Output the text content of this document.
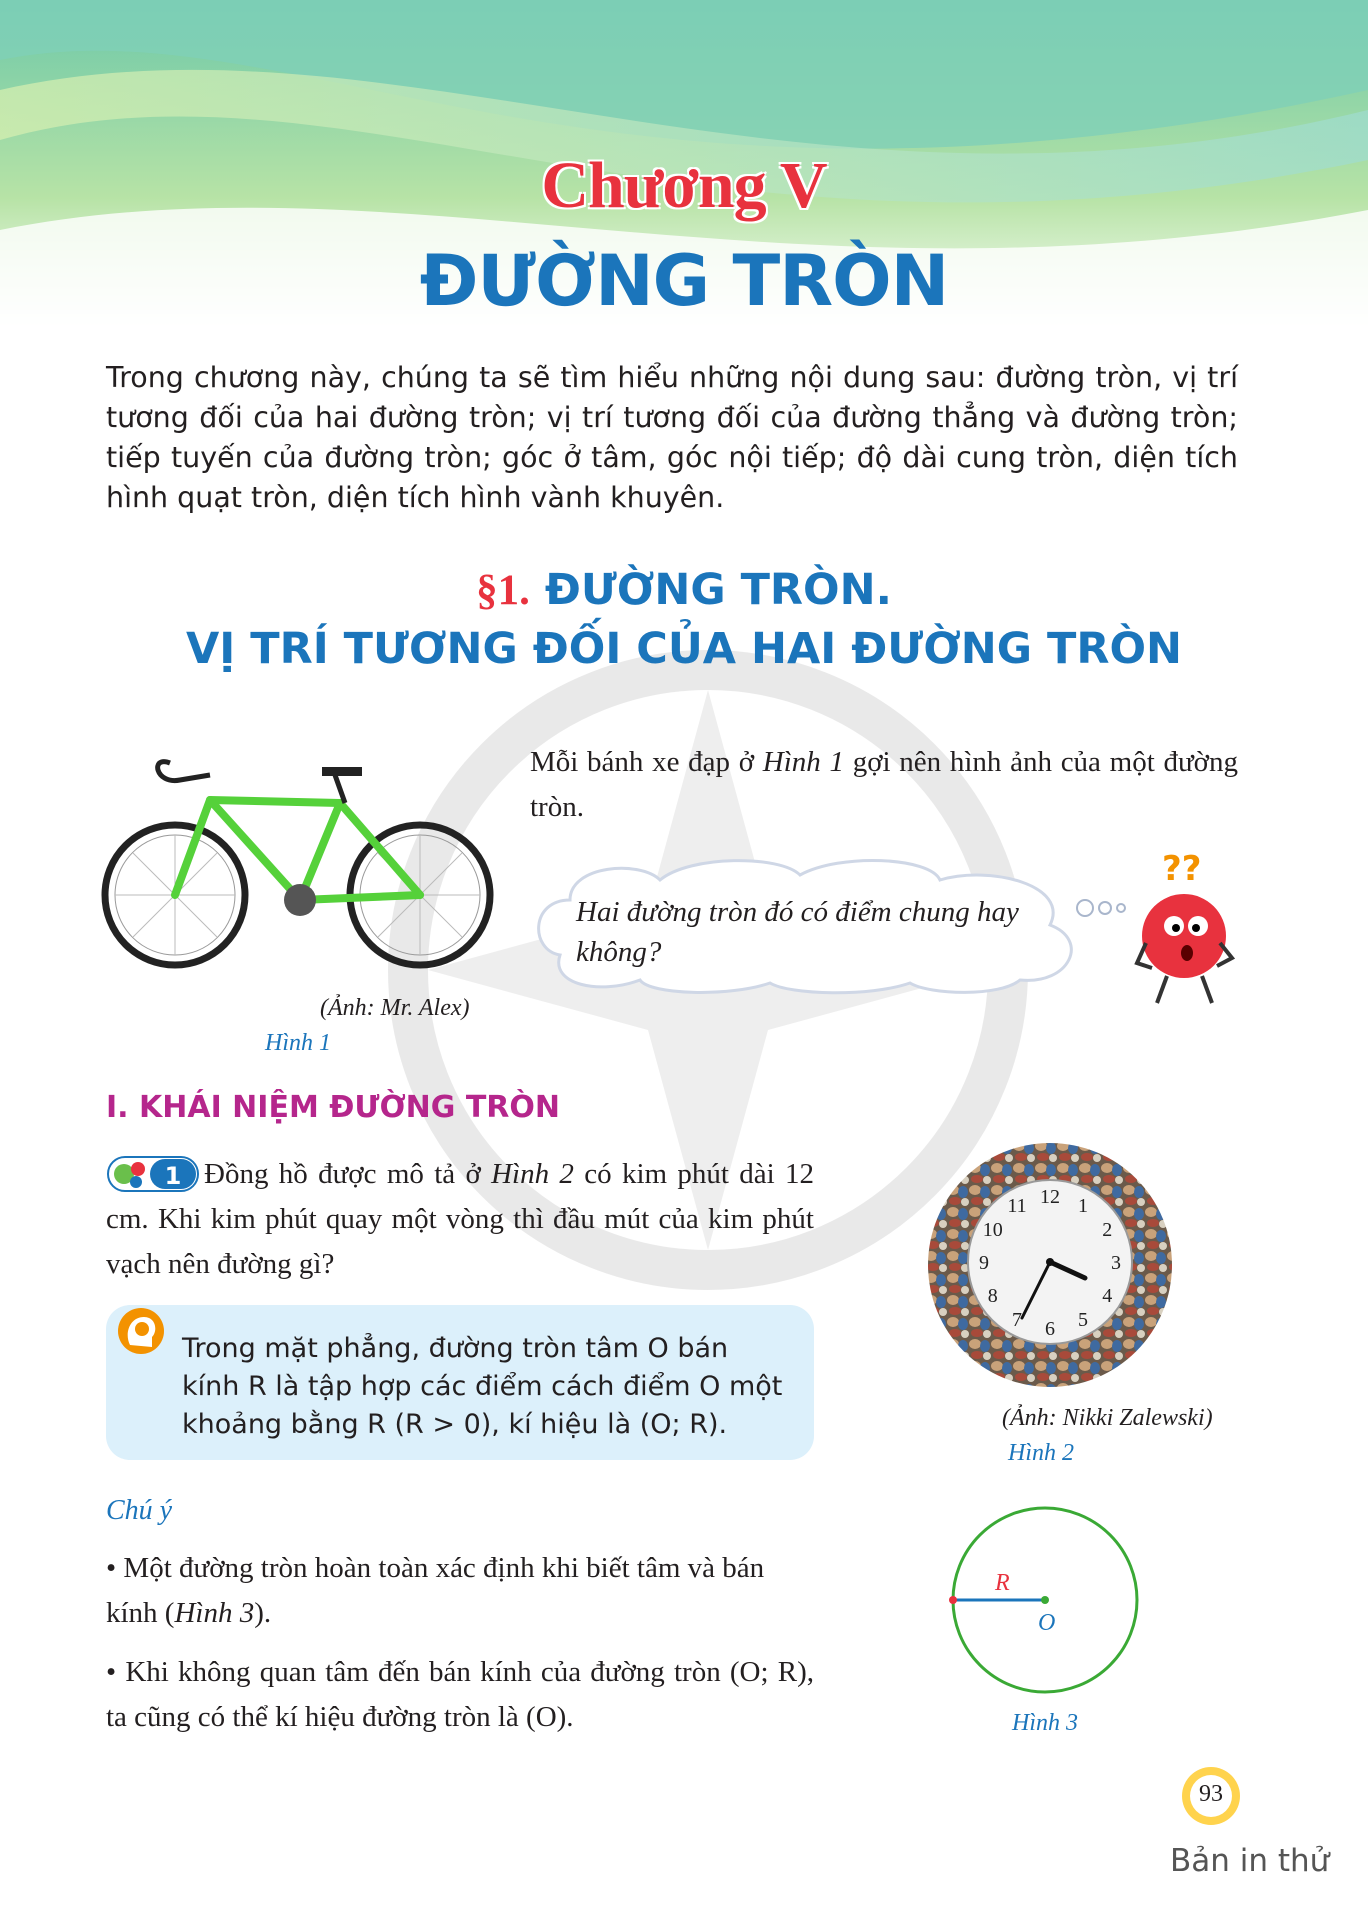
Chương V
ĐƯỜNG TRÒN
Trong chương này, chúng ta sẽ tìm hiểu những nội dung sau: đường tròn, vị trí tương đối của hai đường tròn; vị trí tương đối của đường thẳng và đường tròn; tiếp tuyến của đường tròn; góc ở tâm, góc nội tiếp; độ dài cung tròn, diện tích hình quạt tròn, diện tích hình vành khuyên.
§1. ĐƯỜNG TRÒN.
VỊ TRÍ TƯƠNG ĐỐI CỦA HAI ĐƯỜNG TRÒN
(Ảnh: Mr. Alex)
Hình 1
Mỗi bánh xe đạp ở Hình 1 gợi nên hình ảnh của một đường tròn.
Hai đường tròn đó có điểm chung hay không?
??
I. KHÁI NIỆM ĐƯỜNG TRÒN
Đồng hồ được mô tả ở Hình 2 có kim phút dài 12 cm. Khi kim phút quay một vòng thì đầu mút của kim phút vạch nên đường gì?
1
Trong mặt phẳng, đường tròn tâm O bán kính R là tập hợp các điểm cách điểm O một khoảng bằng R (R > 0), kí hiệu là (O; R).
12 1
2
3
4
5
6
7
8
9
10
11
(Ảnh: Nikki Zalewski)
Hình 2
Chú ý
• Một đường tròn hoàn toàn xác định khi biết tâm và bán kính (Hình 3).
• Khi không quan tâm đến bán kính của đường tròn (O; R), ta cũng có thể kí hiệu đường tròn là (O).
R
O
Hình 3
93
Bản in thử
